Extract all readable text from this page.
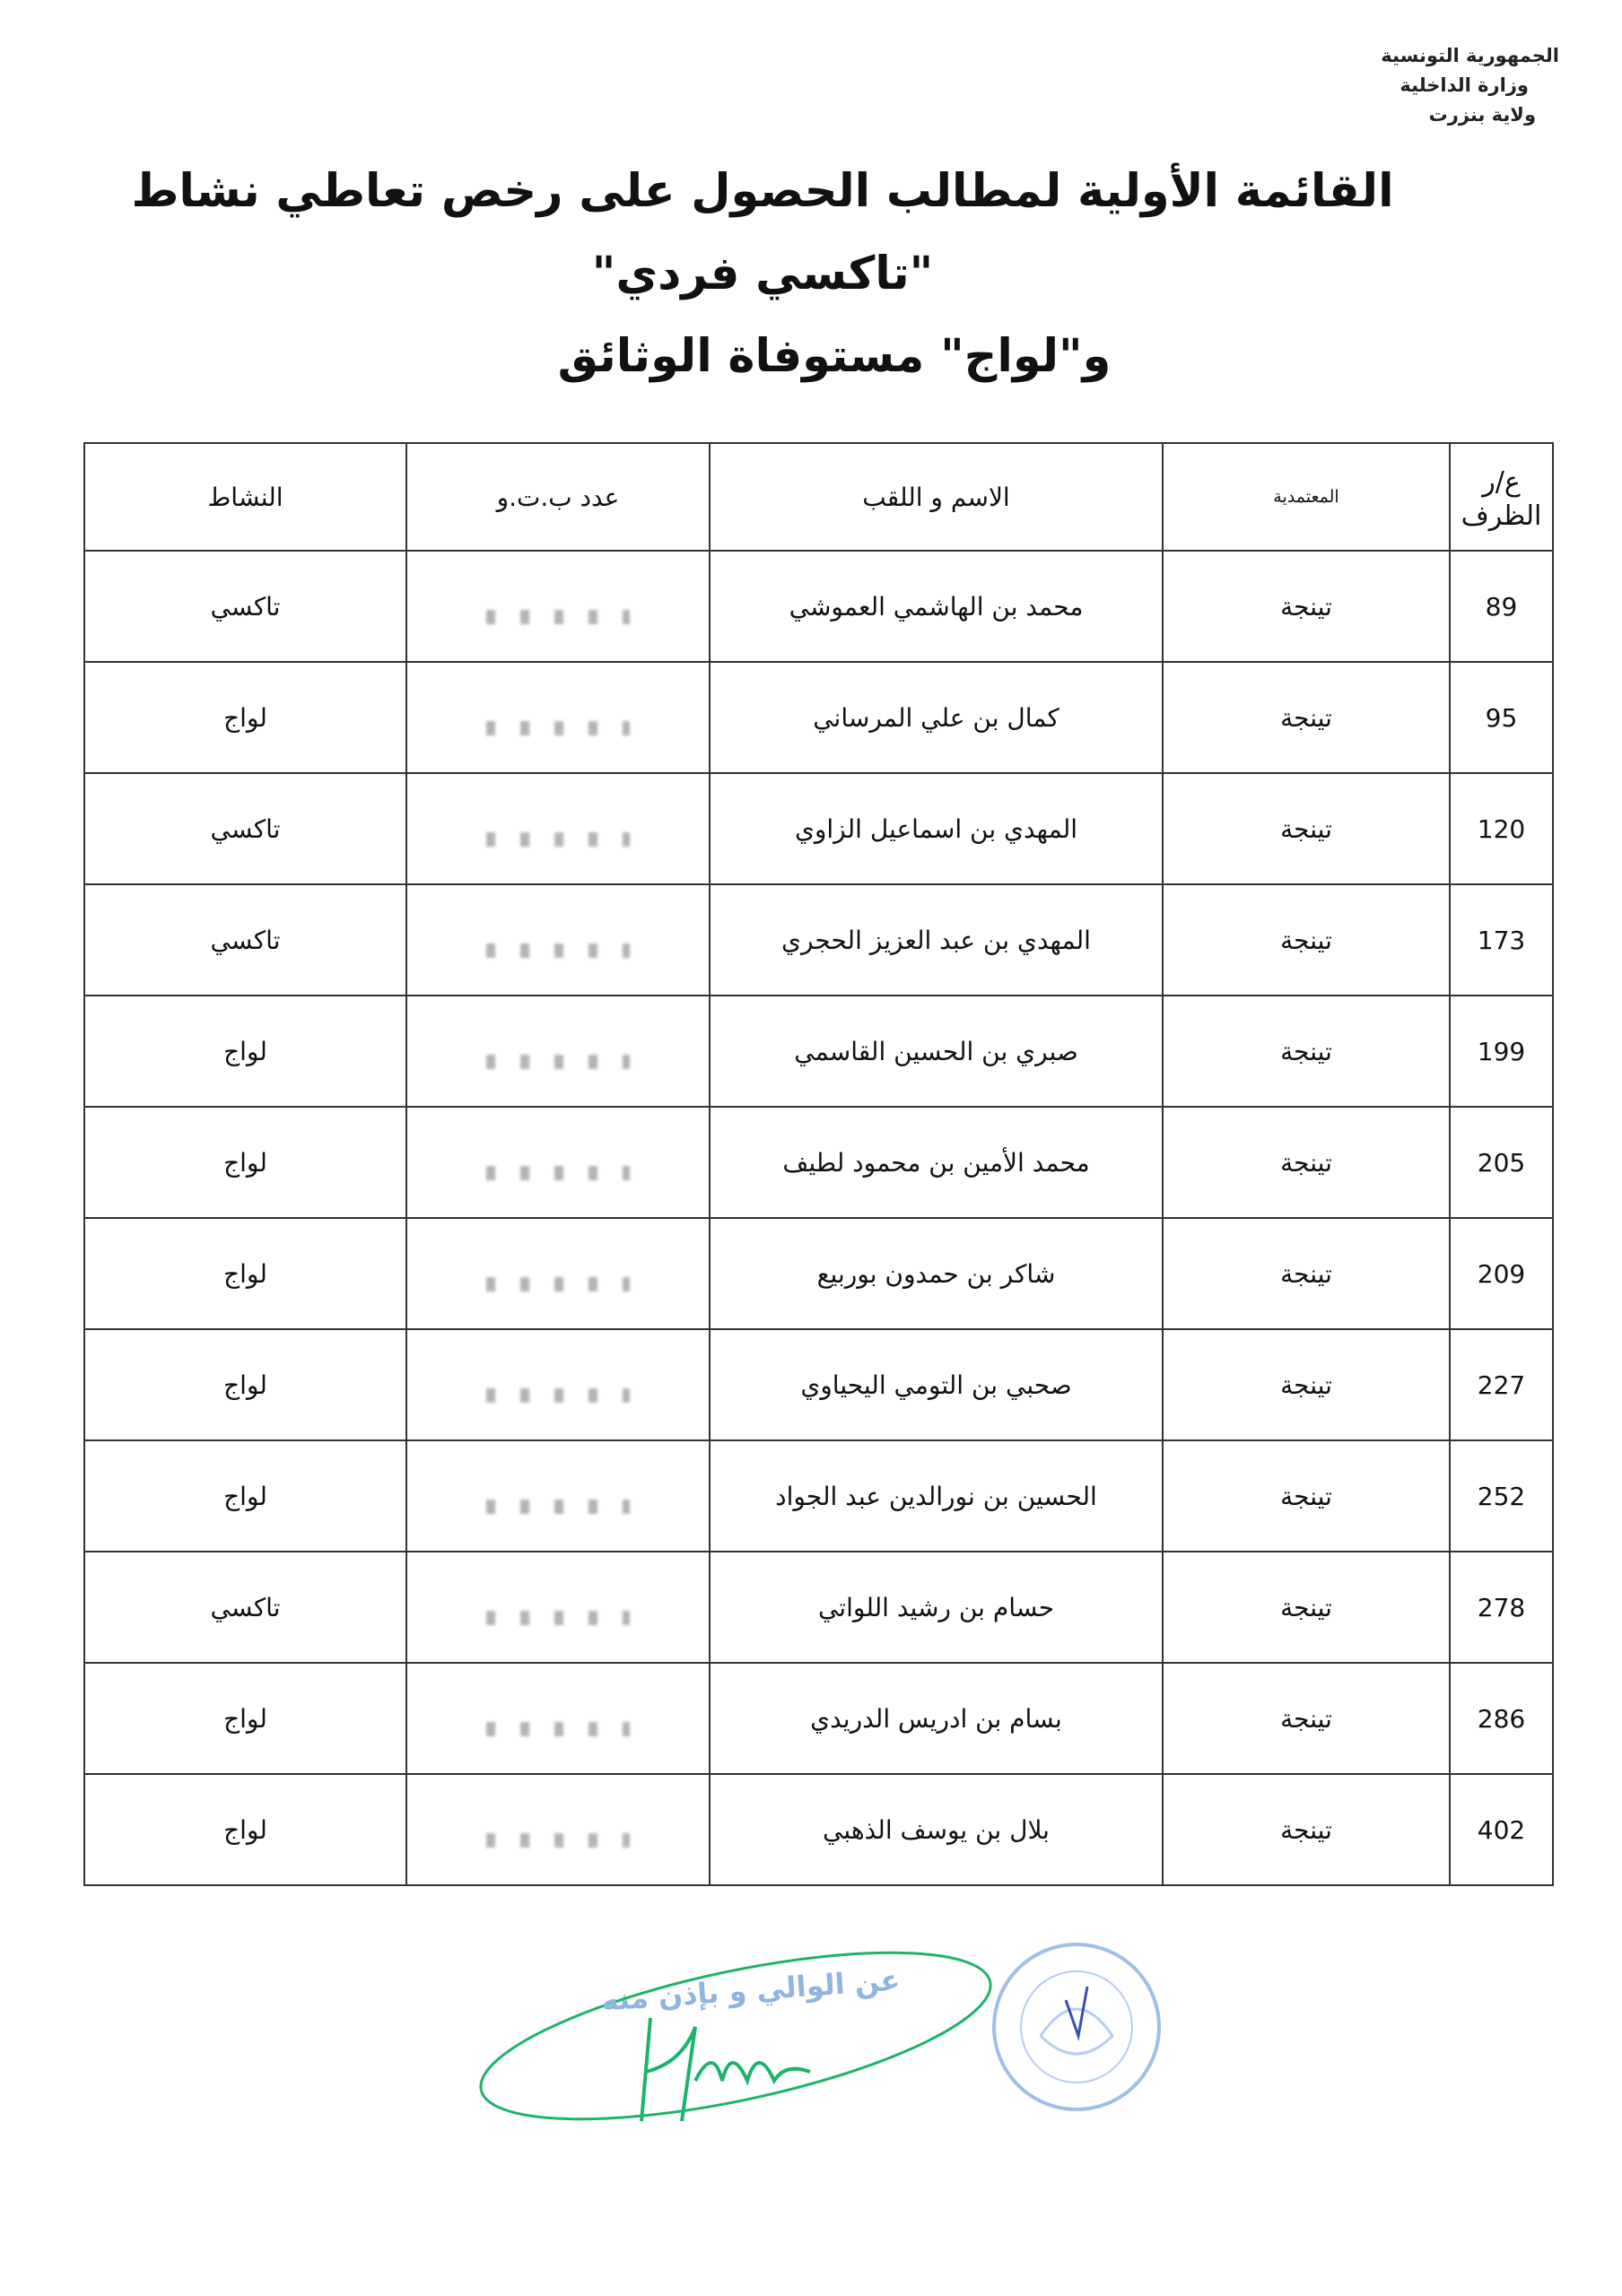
الجمهورية التونسية
وزارة الداخلية
ولاية بنزرت
القائمة الأولية لمطالب الحصول على رخص تعاطي نشاط "تاكسي فردي"
و"لواج" مستوفاة الوثائق
ع/ر الظرف	المعتمدية	الاسم و اللقب	عدد ب.ت.و	النشاط
89	تينجة	محمد بن الهاشمي العموشي		تاكسي
95	تينجة	كمال بن علي المرساني		لواج
120	تينجة	المهدي بن اسماعيل الزاوي		تاكسي
173	تينجة	المهدي بن عبد العزيز الحجري		تاكسي
199	تينجة	صبري بن الحسين القاسمي		لواج
205	تينجة	محمد الأمين بن محمود لطيف		لواج
209	تينجة	شاكر بن حمدون بوربيع		لواج
227	تينجة	صحبي بن التومي اليحياوي		لواج
252	تينجة	الحسين بن نورالدين عبد الجواد		لواج
278	تينجة	حسام بن رشيد اللواتي		تاكسي
286	تينجة	بسام بن ادريس الدريدي		لواج
402	تينجة	بلال بن يوسف الذهبي		لواج
عن الوالي و بإذن منه
